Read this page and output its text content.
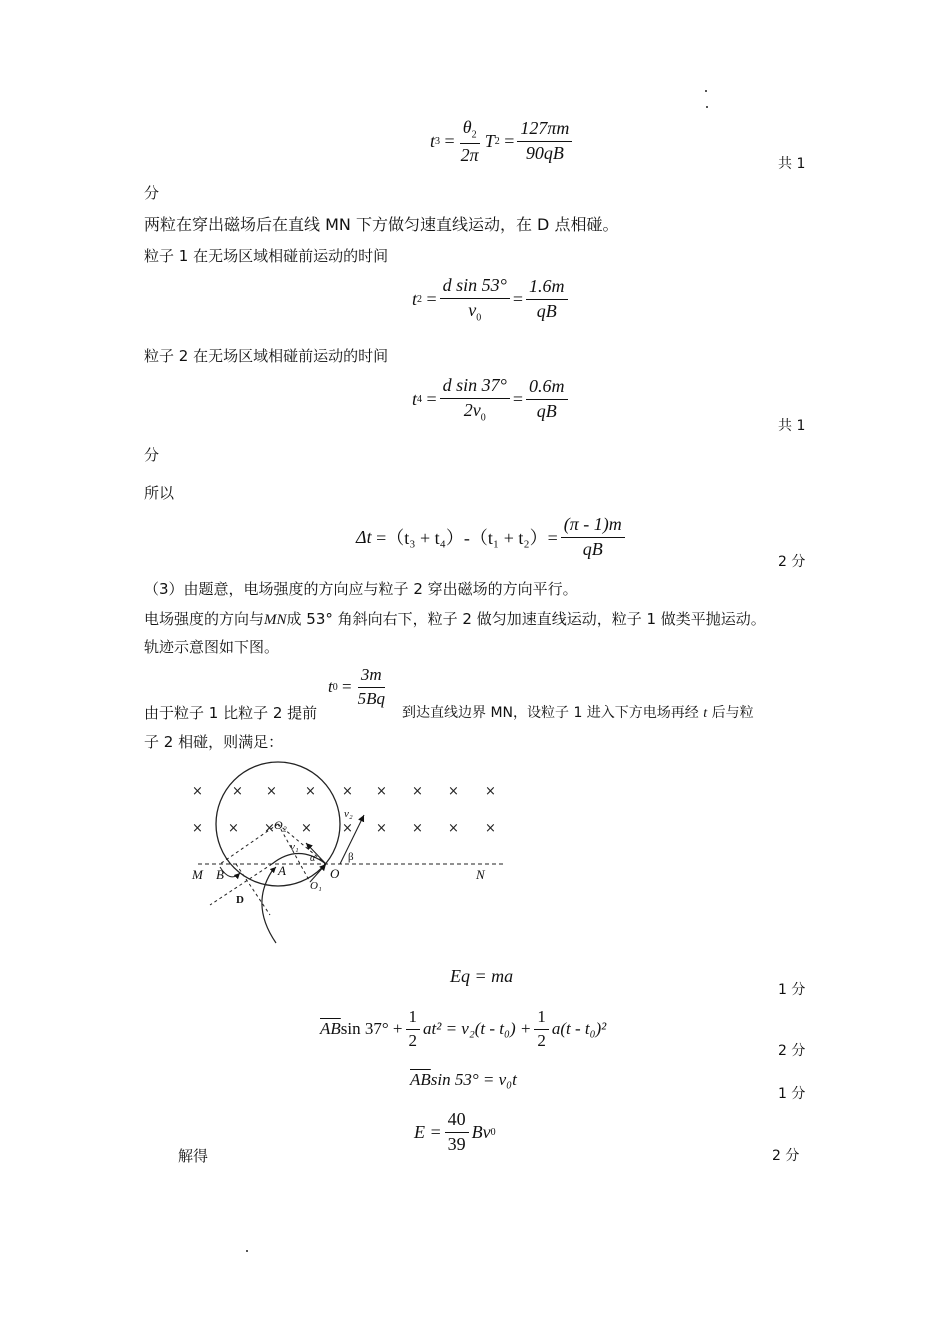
t $3 = \frac{\theta_2}{2\pi}$ T $2 = \frac{127\pi m}{90qB}$
共 1
分
两粒在穿出磁场后在直线 MN 下方做匀速直线运动，在 D 点相碰。
粒子 1 在无场区域相碰前运动的时间
t $2 = \frac{\text{d sin 53°}}{v_0} = \frac{1.6m}{qB}$
粒子 2 在无场区域相碰前运动的时间
t $4 = \frac{\text{d sin 37°}}{2v_0} = \frac{0.6m}{qB}$
共 1
分
所以
Δt
$=(t_3 + t_4)-(t_1 + t_2)= \frac{(\pi - 1)m}{qB}$
2 分
（3）由题意，电场强度的方向应与粒子 2 穿出磁场的方向平行。
电场强度的方向与MN成 53° 角斜向右下，粒子 2 做匀加速直线运动，粒子 1 做类平抛运动。
轨迹示意图如下图。
t $0 = \frac{3m}{5Bq}$
由于粒子 1 比粒子 2 提前	到达直线边界 MN，设粒子 1 进入下方电场再经 t 后与粒
子 2 相碰，则满足：
× × × × × × × × ×
× × × × × × × × ×
M B	A	O	N
D
O₁
O₂
v₁
v₂
α	β
Eq = ma
1 分
$\overline{AB}$ $\sin 37^\circ + \frac{1}{2} at^2 = v_2(t - t_0) + \frac{1}{2} a(t - t_0)^2$
2 分
$\overline{AB}$ sin 53° = v₀t
1 分
$E = \frac{40}{39}$ Bv 0
解得	2 分
